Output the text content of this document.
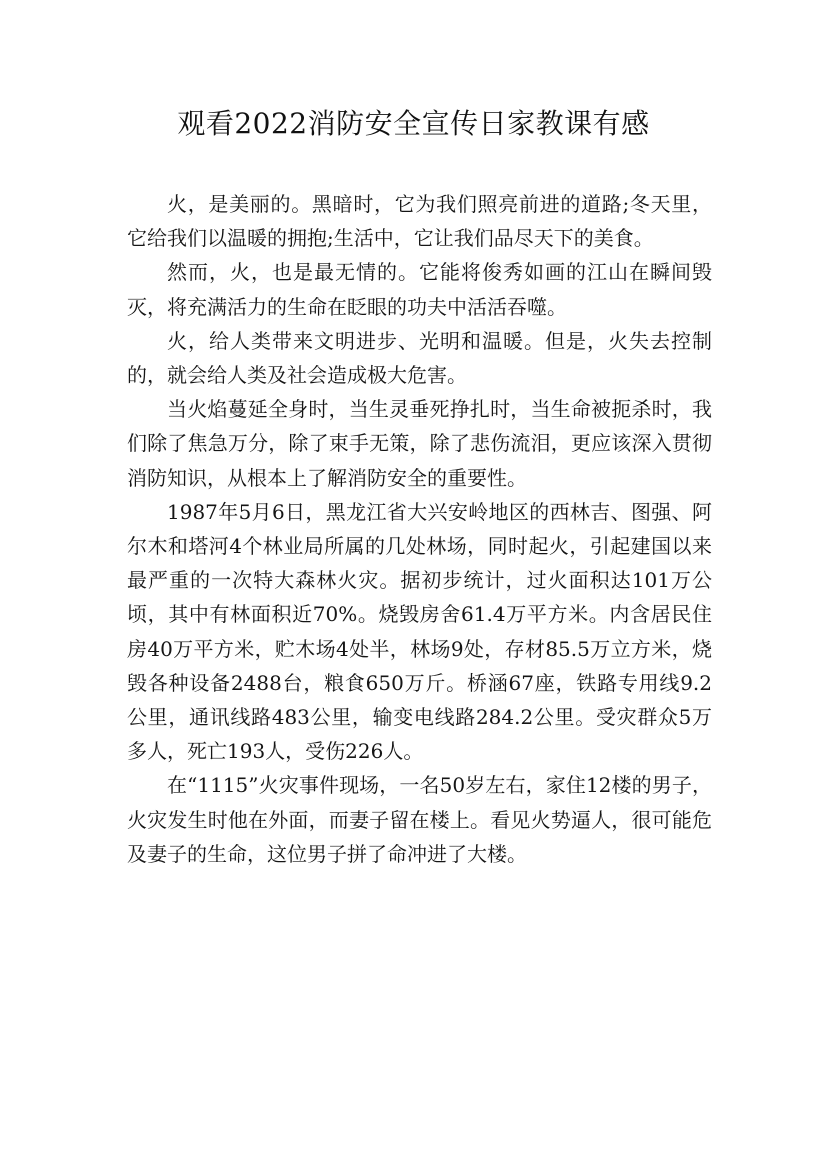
观看2022消防安全宣传日家教课有感

火，是美丽的。黑暗时，它为我们照亮前进的道路;冬天里，它给我们以温暖的拥抱;生活中，它让我们品尽天下的美食。

然而，火，也是最无情的。它能将俊秀如画的江山在瞬间毁灭，将充满活力的生命在眨眼的功夫中活活吞噬。

火，给人类带来文明进步、光明和温暖。但是，火失去控制的，就会给人类及社会造成极大危害。

当火焰蔓延全身时，当生灵垂死挣扎时，当生命被扼杀时，我们除了焦急万分，除了束手无策，除了悲伤流泪，更应该深入贯彻消防知识，从根本上了解消防安全的重要性。

1987年5月6日，黑龙江省大兴安岭地区的西林吉、图强、阿尔木和塔河4个林业局所属的几处林场，同时起火，引起建国以来最严重的一次特大森林火灾。据初步统计，过火面积达101万公顷，其中有林面积近70%。烧毁房舍61.4万平方米。内含居民住房40万平方米，贮木场4处半，林场9处，存材85.5万立方米，烧毁各种设备2488台，粮食650万斤。桥涵67座，铁路专用线9.2公里，通讯线路483公里，输变电线路284.2公里。受灾群众5万多人，死亡193人，受伤226人。

在“1115”火灾事件现场，一名50岁左右，家住12楼的男子，火灾发生时他在外面，而妻子留在楼上。看见火势逼人，很可能危及妻子的生命，这位男子拼了命冲进了大楼。
